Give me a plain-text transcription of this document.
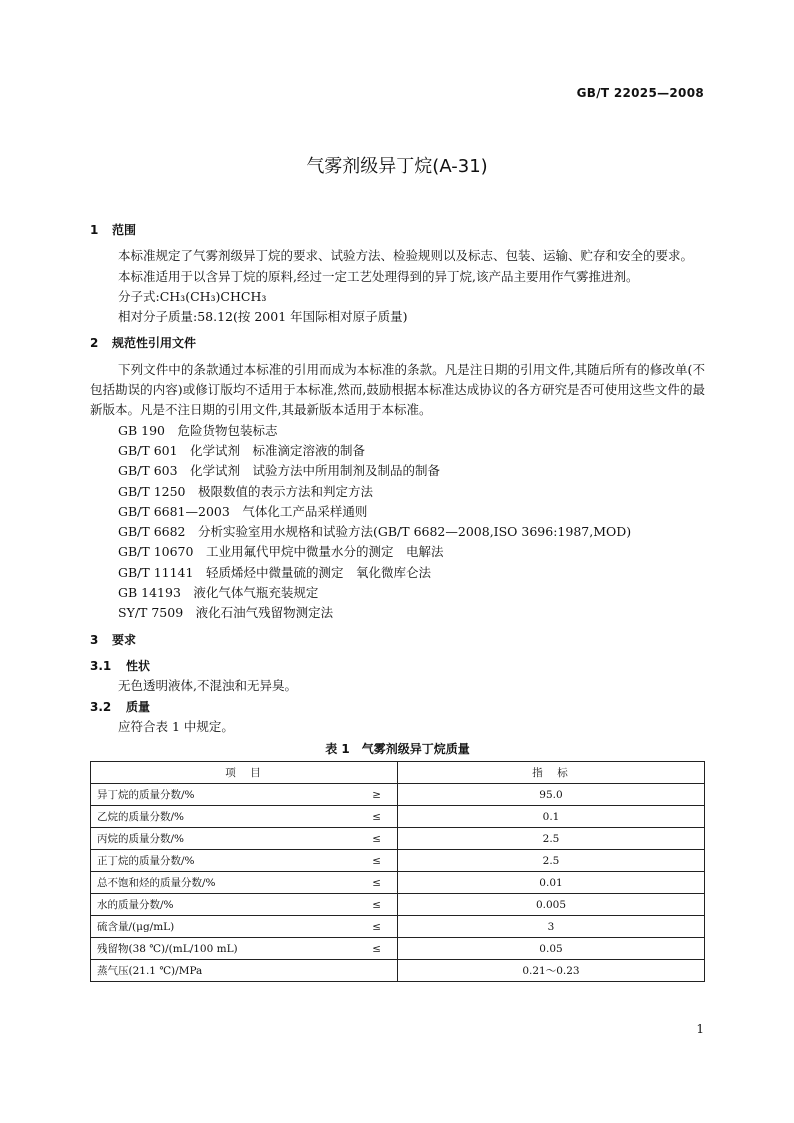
GB/T 22025—2008
气雾剂级异丁烷(A-31)
1 范围
本标准规定了气雾剂级异丁烷的要求、试验方法、检验规则以及标志、包装、运输、贮存和安全的要求。
本标准适用于以含异丁烷的原料,经过一定工艺处理得到的异丁烷,该产品主要用作气雾推进剂。
分子式:CH₃(CH₃)CHCH₃
相对分子质量:58.12(按 2001 年国际相对原子质量)
2 规范性引用文件
下列文件中的条款通过本标准的引用而成为本标准的条款。凡是注日期的引用文件,其随后所有的修改单(不包括勘误的内容)或修订版均不适用于本标准,然而,鼓励根据本标准达成协议的各方研究是否可使用这些文件的最新版本。凡是不注日期的引用文件,其最新版本适用于本标准。
GB 190　危险货物包装标志
GB/T 601　化学试剂　标准滴定溶液的制备
GB/T 603　化学试剂　试验方法中所用制剂及制品的制备
GB/T 1250　极限数值的表示方法和判定方法
GB/T 6681—2003　气体化工产品采样通则
GB/T 6682　分析实验室用水规格和试验方法(GB/T 6682—2008,ISO 3696:1987,MOD)
GB/T 10670　工业用氟代甲烷中微量水分的测定　电解法
GB/T 11141　轻质烯烃中微量硫的测定　氧化微库仑法
GB 14193　液化气体气瓶充装规定
SY/T 7509　液化石油气残留物测定法
3 要求
3.1 性状
无色透明液体,不混浊和无异臭。
3.2 质量
应符合表 1 中规定。
表 1　气雾剂级异丁烷质量
项　目	指　标
异丁烷的质量分数/% ≥	95.0
乙烷的质量分数/% ≤	0.1
丙烷的质量分数/% ≤	2.5
正丁烷的质量分数/% ≤	2.5
总不饱和烃的质量分数/% ≤	0.01
水的质量分数/% ≤	0.005
硫含量/(μg/mL) ≤	3
残留物(38 ℃)/(mL/100 mL) ≤	0.05
蒸气压(21.1 ℃)/MPa	0.21～0.23
1
